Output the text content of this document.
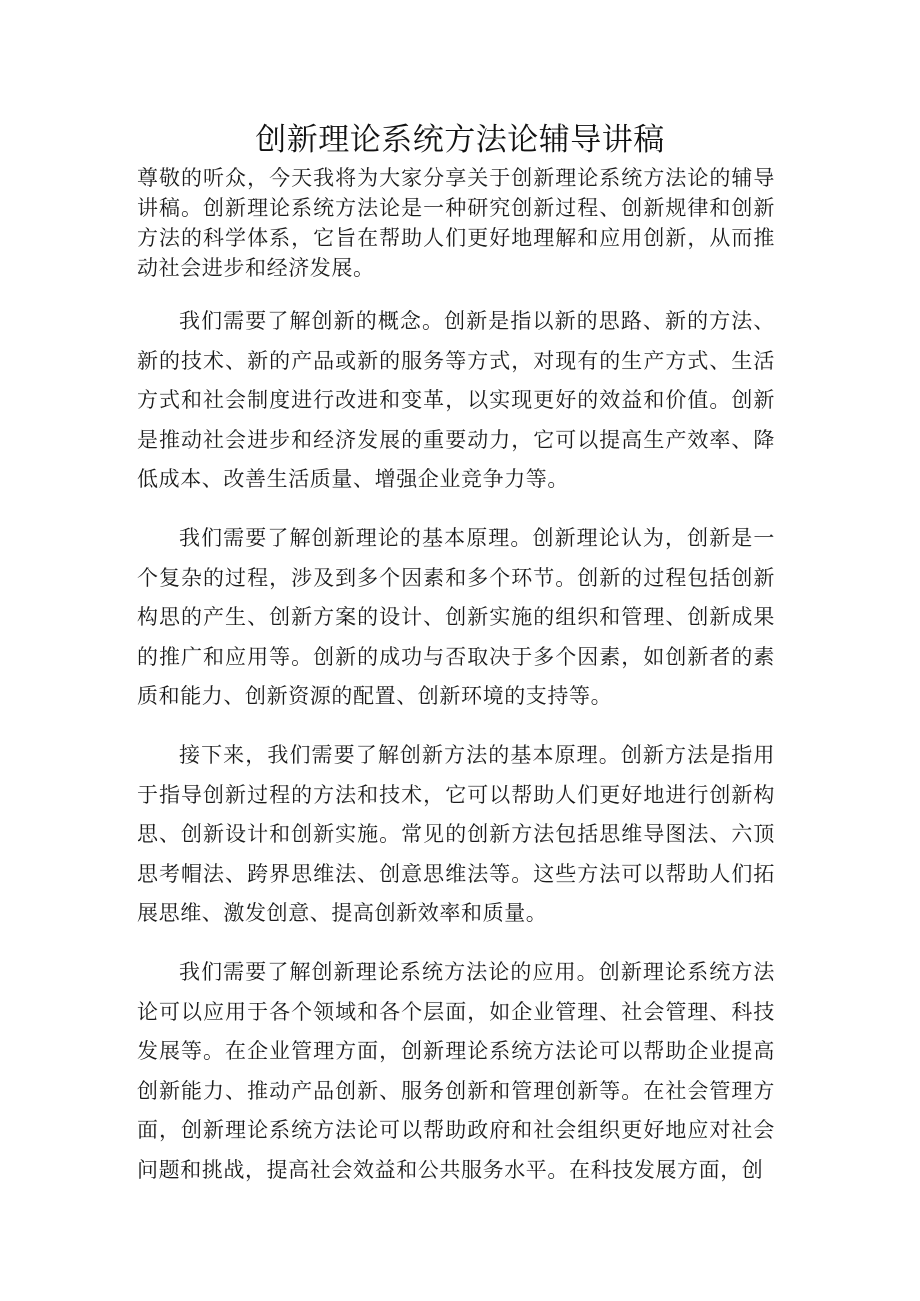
创新理论系统方法论辅导讲稿

尊敬的听众，今天我将为大家分享关于创新理论系统方法论的辅导讲稿。创新理论系统方法论是一种研究创新过程、创新规律和创新方法的科学体系，它旨在帮助人们更好地理解和应用创新，从而推动社会进步和经济发展。

我们需要了解创新的概念。创新是指以新的思路、新的方法、新的技术、新的产品或新的服务等方式，对现有的生产方式、生活方式和社会制度进行改进和变革，以实现更好的效益和价值。创新是推动社会进步和经济发展的重要动力，它可以提高生产效率、降低成本、改善生活质量、增强企业竞争力等。

我们需要了解创新理论的基本原理。创新理论认为，创新是一个复杂的过程，涉及到多个因素和多个环节。创新的过程包括创新构思的产生、创新方案的设计、创新实施的组织和管理、创新成果的推广和应用等。创新的成功与否取决于多个因素，如创新者的素质和能力、创新资源的配置、创新环境的支持等。

接下来，我们需要了解创新方法的基本原理。创新方法是指用于指导创新过程的方法和技术，它可以帮助人们更好地进行创新构思、创新设计和创新实施。常见的创新方法包括思维导图法、六顶思考帽法、跨界思维法、创意思维法等。这些方法可以帮助人们拓展思维、激发创意、提高创新效率和质量。

我们需要了解创新理论系统方法论的应用。创新理论系统方法论可以应用于各个领域和各个层面，如企业管理、社会管理、科技发展等。在企业管理方面，创新理论系统方法论可以帮助企业提高创新能力、推动产品创新、服务创新和管理创新等。在社会管理方面，创新理论系统方法论可以帮助政府和社会组织更好地应对社会问题和挑战，提高社会效益和公共服务水平。在科技发展方面，创
